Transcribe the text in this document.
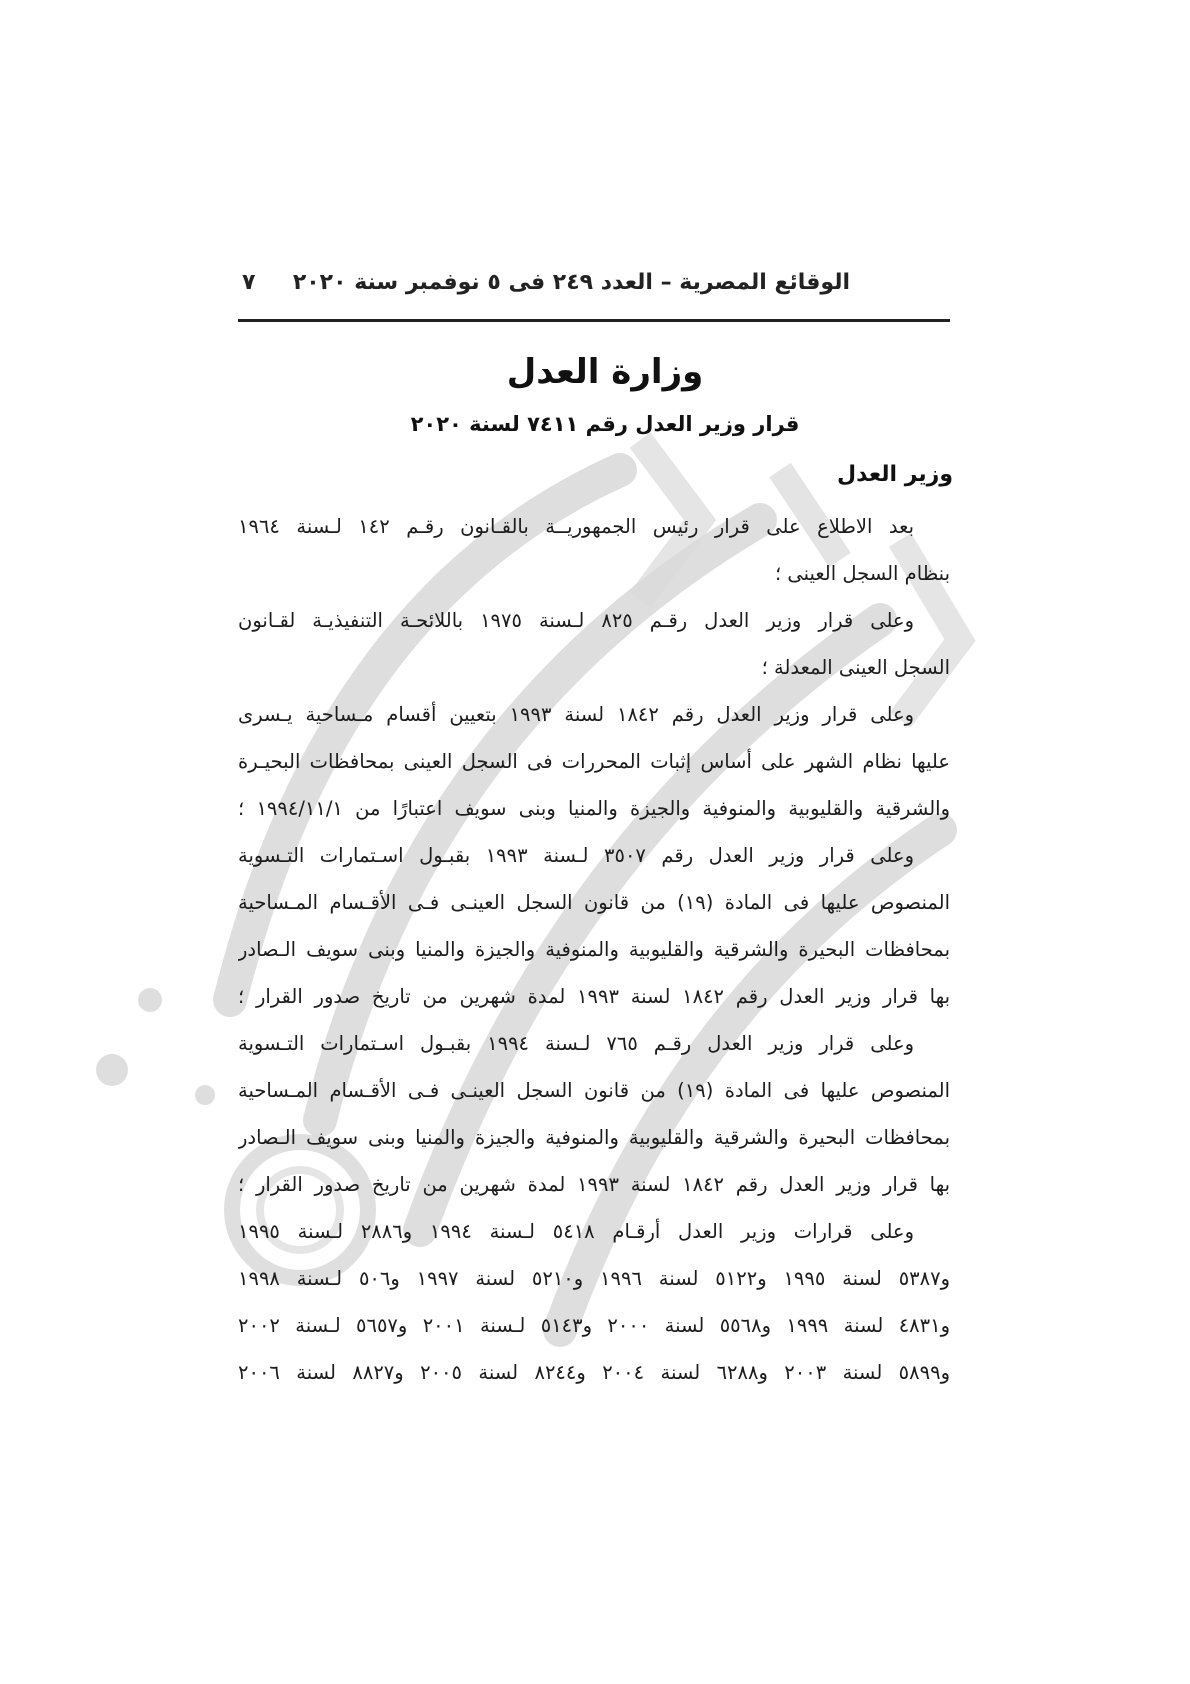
الوقائع المصرية – العدد ٢٤٩ فى ٥ نوفمبر سنة ٢٠٢٠
٧
وزارة العدل
قرار وزير العدل رقم ٧٤١١ لسنة ٢٠٢٠
وزير العدل
بعد الاطلاع على قرار رئيس الجمهوريــة بالقـانون رقـم ١٤٢ لـسنة ١٩٦٤
بنظام السجل العينى ؛
وعلى قرار وزير العدل رقـم ٨٢٥ لـسنة ١٩٧٥ باللائحـة التنفيذيـة لقـانون
السجل العينى المعدلة ؛
وعلى قرار وزير العدل رقم ١٨٤٢ لسنة ١٩٩٣ بتعيين أقسام مـساحية يـسرى
عليها نظام الشهر على أساس إثبات المحررات فى السجل العينى بمحافظات البحيـرة
والشرقية والقليوبية والمنوفية والجيزة والمنيا وبنى سويف اعتبارًا من ١٩٩٤/١١/١ ؛
وعلى قرار وزير العدل رقم ٣٥٠٧ لـسنة ١٩٩٣ بقبـول اسـتمارات التـسوية
المنصوص عليها فى المادة (١٩) من قانون السجل العينـى فـى الأقـسام المـساحية
بمحافظات البحيرة والشرقية والقليوبية والمنوفية والجيزة والمنيا وبنى سويف الـصادر
بها قرار وزير العدل رقم ١٨٤٢ لسنة ١٩٩٣ لمدة شهرين من تاريخ صدور القرار ؛
وعلى قرار وزير العدل رقـم ٧٦٥ لـسنة ١٩٩٤ بقبـول اسـتمارات التـسوية
المنصوص عليها فى المادة (١٩) من قانون السجل العينـى فـى الأقـسام المـساحية
بمحافظات البحيرة والشرقية والقليوبية والمنوفية والجيزة والمنيا وبنى سويف الـصادر
بها قرار وزير العدل رقم ١٨٤٢ لسنة ١٩٩٣ لمدة شهرين من تاريخ صدور القرار ؛
وعلى قرارات وزير العدل أرقـام ٥٤١٨ لـسنة ١٩٩٤ و٢٨٨٦ لـسنة ١٩٩٥
و٥٣٨٧ لسنة ١٩٩٥ و٥١٢٢ لسنة ١٩٩٦ و٥٢١٠ لسنة ١٩٩٧ و٥٠٦ لـسنة ١٩٩٨
و٤٨٣١ لسنة ١٩٩٩ و٥٥٦٨ لسنة ٢٠٠٠ و٥١٤٣ لـسنة ٢٠٠١ و٥٦٥٧ لـسنة ٢٠٠٢
و٥٨٩٩ لسنة ٢٠٠٣ و٦٢٨٨ لسنة ٢٠٠٤ و٨٢٤٤ لسنة ٢٠٠٥ و٨٨٢٧ لسنة ٢٠٠٦
